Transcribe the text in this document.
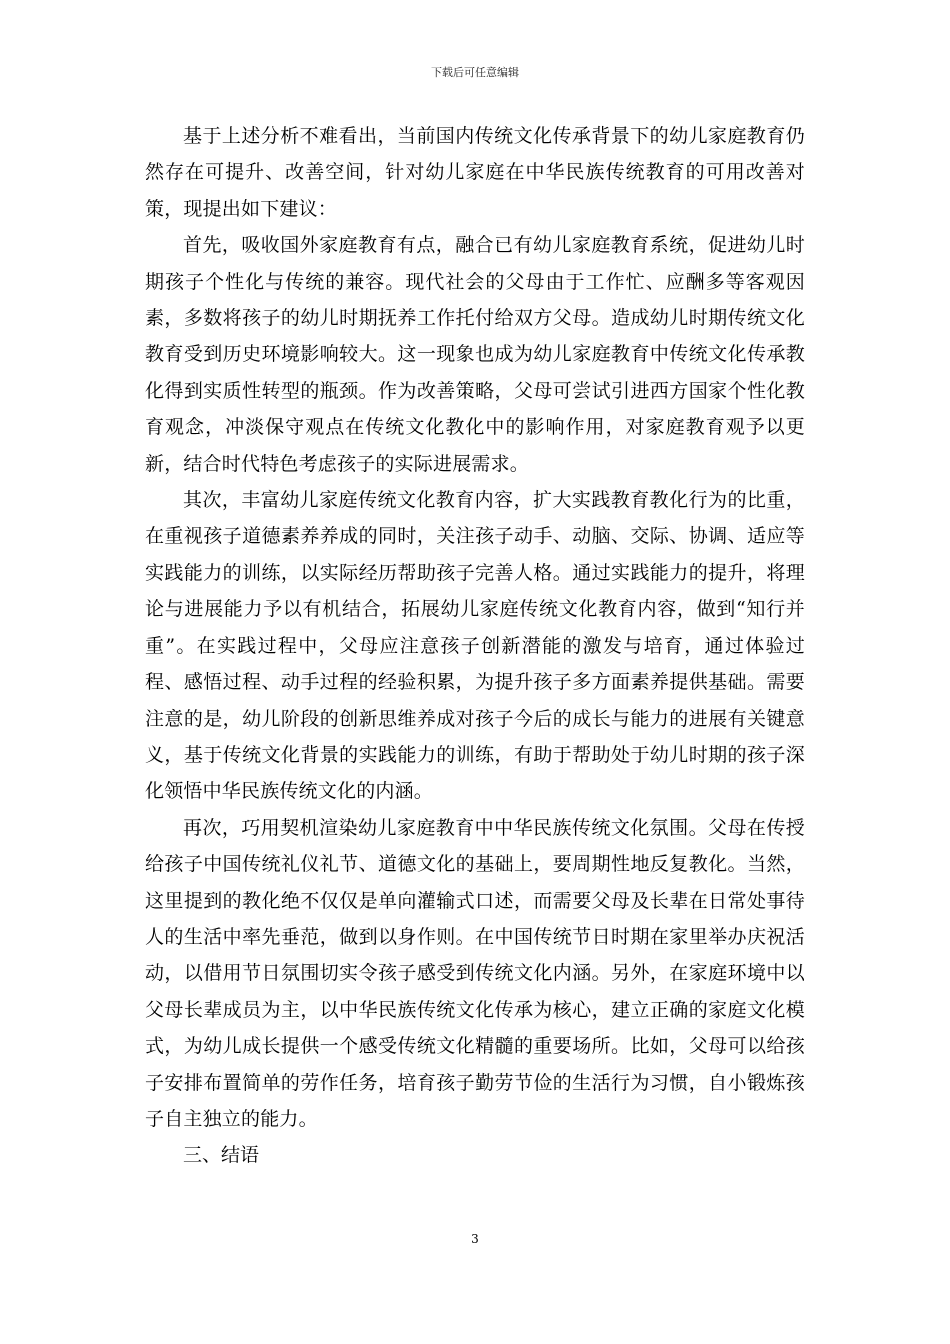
下载后可任意编辑

基于上述分析不难看出，当前国内传统文化传承背景下的幼儿家庭教育仍然存在可提升、改善空间，针对幼儿家庭在中华民族传统教育的可用改善对策，现提出如下建议：

首先，吸收国外家庭教育有点，融合已有幼儿家庭教育系统，促进幼儿时期孩子个性化与传统的兼容。现代社会的父母由于工作忙、应酬多等客观因素，多数将孩子的幼儿时期抚养工作托付给双方父母。造成幼儿时期传统文化教育受到历史环境影响较大。这一现象也成为幼儿家庭教育中传统文化传承教化得到实质性转型的瓶颈。作为改善策略，父母可尝试引进西方国家个性化教育观念，冲淡保守观点在传统文化教化中的影响作用，对家庭教育观予以更新，结合时代特色考虑孩子的实际进展需求。

其次，丰富幼儿家庭传统文化教育内容，扩大实践教育教化行为的比重，在重视孩子道德素养养成的同时，关注孩子动手、动脑、交际、协调、适应等实践能力的训练，以实际经历帮助孩子完善人格。通过实践能力的提升，将理论与进展能力予以有机结合，拓展幼儿家庭传统文化教育内容，做到“知行并重”。在实践过程中，父母应注意孩子创新潜能的激发与培育，通过体验过程、感悟过程、动手过程的经验积累，为提升孩子多方面素养提供基础。需要注意的是，幼儿阶段的创新思维养成对孩子今后的成长与能力的进展有关键意义，基于传统文化背景的实践能力的训练，有助于帮助处于幼儿时期的孩子深化领悟中华民族传统文化的内涵。

再次，巧用契机渲染幼儿家庭教育中中华民族传统文化氛围。父母在传授给孩子中国传统礼仪礼节、道德文化的基础上，要周期性地反复教化。当然，这里提到的教化绝不仅仅是单向灌输式口述，而需要父母及长辈在日常处事待人的生活中率先垂范，做到以身作则。在中国传统节日时期在家里举办庆祝活动，以借用节日氛围切实令孩子感受到传统文化内涵。另外，在家庭环境中以父母长辈成员为主，以中华民族传统文化传承为核心，建立正确的家庭文化模式，为幼儿成长提供一个感受传统文化精髓的重要场所。比如，父母可以给孩子安排布置简单的劳作任务，培育孩子勤劳节俭的生活行为习惯，自小锻炼孩子自主独立的能力。

三、结语

3
